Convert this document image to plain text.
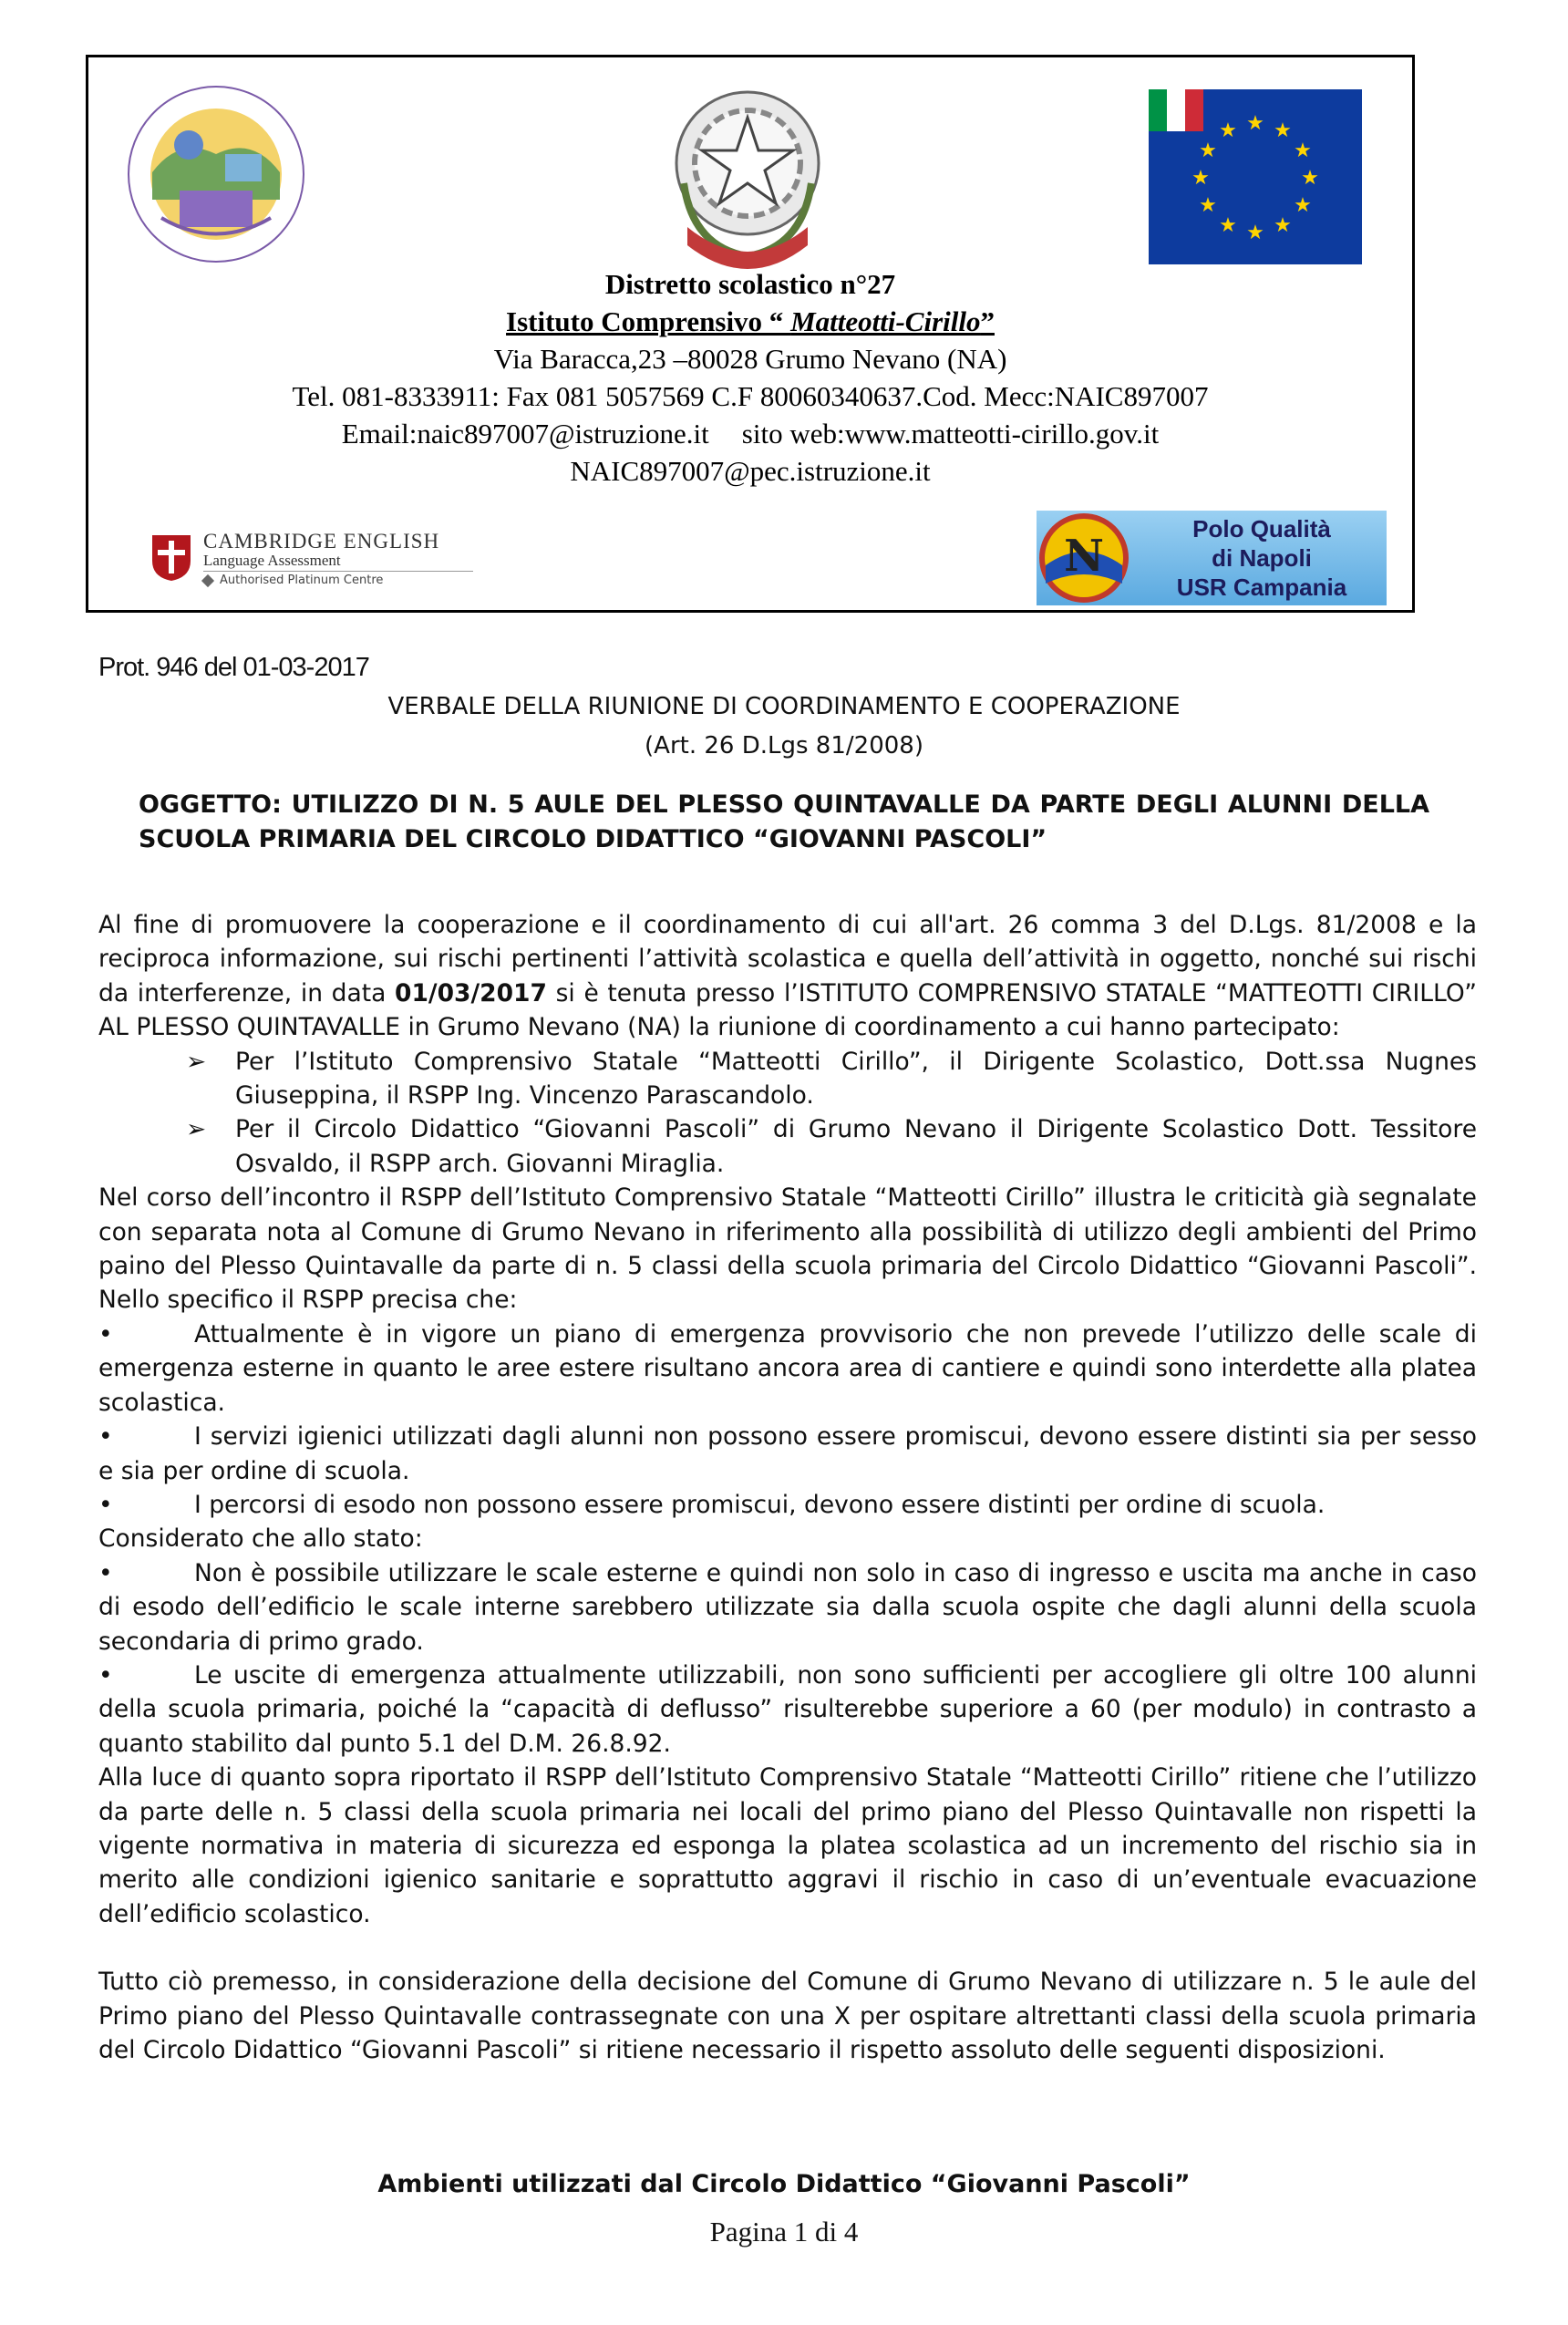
★ ★
★
★
★
★
★
★
★
★
★
★
Distretto scolastico n°27
Istituto Comprensivo “ Matteotti-Cirillo”
Via Baracca,23 –80028 Grumo Nevano (NA)
Tel. 081-8333911: Fax 081 5057569 C.F 80060340637.Cod. Mecc:NAIC897007
Email:naic897007@istruzione.it sito web:www.matteotti-cirillo.gov.it
NAIC897007@pec.istruzione.it
CAMBRIDGE ENGLISH
Language Assessment
Authorised Platinum Centre	N
Polo Qualità
di Napoli
USR Campania
Prot. 946 del 01-03-2017
VERBALE DELLA RIUNIONE DI COORDINAMENTO E COOPERAZIONE
(Art. 26 D.Lgs 81/2008)
OGGETTO: UTILIZZO DI N. 5 AULE DEL PLESSO QUINTAVALLE DA PARTE DEGLI ALUNNI DELLA SCUOLA PRIMARIA DEL CIRCOLO DIDATTICO “GIOVANNI PASCOLI”

Al fine di promuovere la cooperazione e il coordinamento di cui all'art. 26 comma 3 del D.Lgs. 81/2008 e la reciproca informazione, sui rischi pertinenti l’attività scolastica e quella dell’attività in oggetto, nonché sui rischi da interferenze, in data 01/03/2017 si è tenuta presso l’ISTITUTO COMPRENSIVO STATALE “MATTEOTTI CIRILLO” AL PLESSO QUINTAVALLE in Grumo Nevano (NA) la riunione di coordinamento a cui hanno partecipato:

➢ Per l’Istituto Comprensivo Statale “Matteotti Cirillo”, il Dirigente Scolastico, Dott.ssa Nugnes Giuseppina, il RSPP Ing. Vincenzo Parascandolo.

➢ Per il Circolo Didattico “Giovanni Pascoli” di Grumo Nevano il Dirigente Scolastico Dott. Tessitore Osvaldo, il RSPP arch. Giovanni Miraglia.

Nel corso dell’incontro il RSPP dell’Istituto Comprensivo Statale “Matteotti Cirillo” illustra le criticità già segnalate con separata nota al Comune di Grumo Nevano in riferimento alla possibilità di utilizzo degli ambienti del Primo paino del Plesso Quintavalle da parte di n. 5 classi della scuola primaria del Circolo Didattico “Giovanni Pascoli”. Nello specifico il RSPP precisa che:

•	Attualmente è in vigore un piano di emergenza provvisorio che non prevede l’utilizzo delle scale di emergenza esterne in quanto le aree estere risultano ancora area di cantiere e quindi sono interdette alla platea scolastica.

•	I servizi igienici utilizzati dagli alunni non possono essere promiscui, devono essere distinti sia per sesso e sia per ordine di scuola.

•	I percorsi di esodo non possono essere promiscui, devono essere distinti per ordine di scuola.

Considerato che allo stato:

•	Non è possibile utilizzare le scale esterne e quindi non solo in caso di ingresso e uscita ma anche in caso di esodo dell’edificio le scale interne sarebbero utilizzate sia dalla scuola ospite che dagli alunni della scuola secondaria di primo grado.

•	Le uscite di emergenza attualmente utilizzabili, non sono sufficienti per accogliere gli oltre 100 alunni della scuola primaria, poiché la “capacità di deflusso” risulterebbe superiore a 60 (per modulo) in contrasto a quanto stabilito dal punto 5.1 del D.M. 26.8.92.

Alla luce di quanto sopra riportato il RSPP dell’Istituto Comprensivo Statale “Matteotti Cirillo” ritiene che l’utilizzo da parte delle n. 5 classi della scuola primaria nei locali del primo piano del Plesso Quintavalle non rispetti la vigente normativa in materia di sicurezza ed esponga la platea scolastica ad un incremento del rischio sia in merito alle condizioni igienico sanitarie e soprattutto aggravi il rischio in caso di un’eventuale evacuazione dell’edificio scolastico.

Tutto ciò premesso, in considerazione della decisione del Comune di Grumo Nevano di utilizzare n. 5 le aule del Primo piano del Plesso Quintavalle contrassegnate con una X per ospitare altrettanti classi della scuola primaria del Circolo Didattico “Giovanni Pascoli” si ritiene necessario il rispetto assoluto delle seguenti disposizioni.

Ambienti utilizzati dal Circolo Didattico “Giovanni Pascoli”
Pagina 1 di 4
